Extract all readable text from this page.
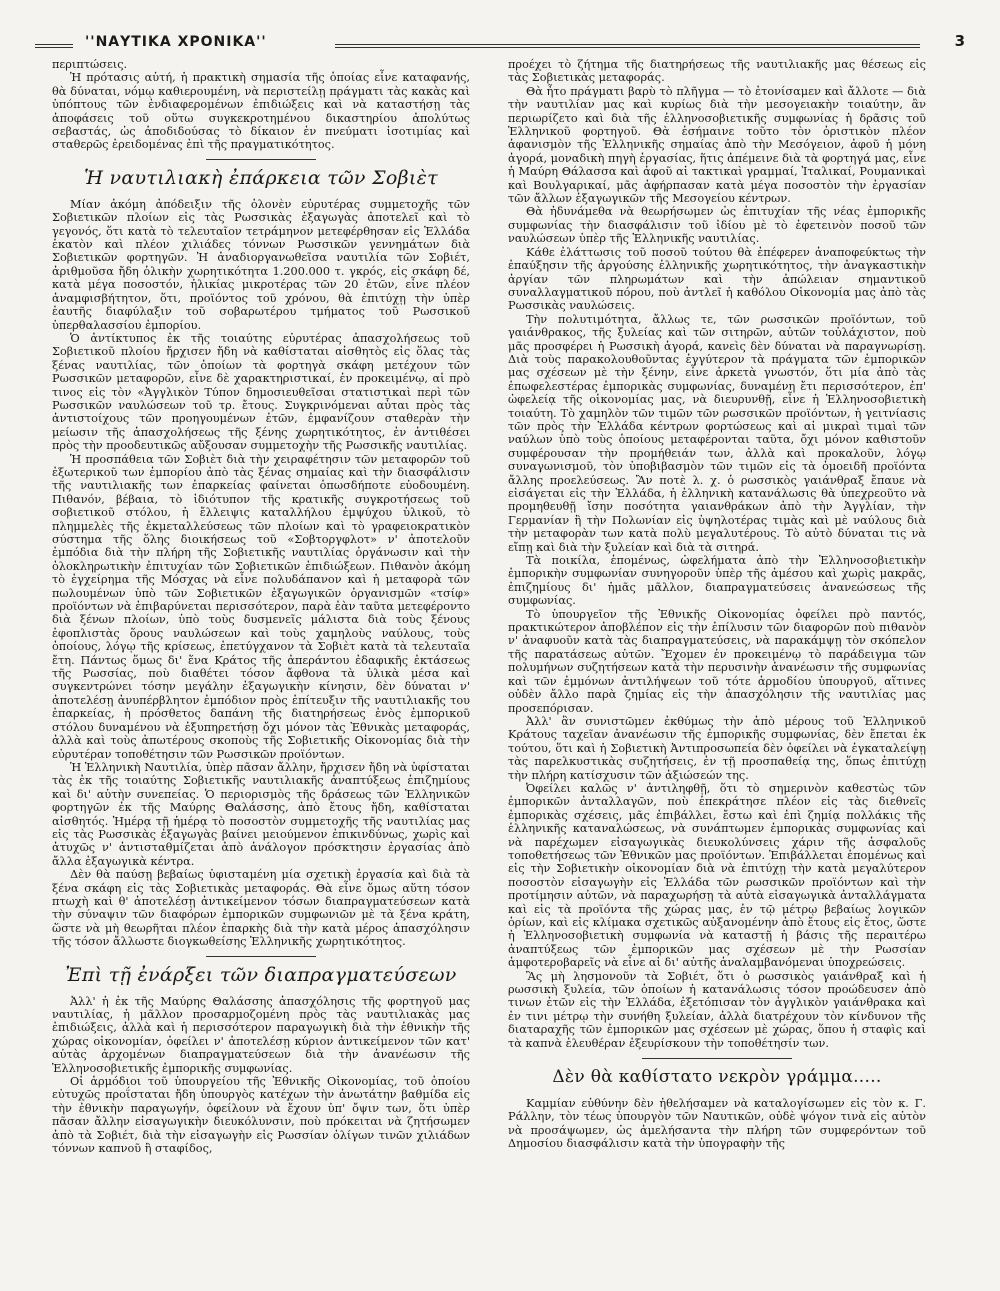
''ΝΑΥΤΙΚΑ ΧΡΟΝΙΚΑ''	3

περιπτώσεις.

Ἡ πρότασις αὐτή, ἡ πρακτικὴ σημασία τῆς ὁποίας εἶνε καταφανής, θὰ δύναται, νόμῳ καθιερουμένη, νὰ περιστείλῃ πράγματι τὰς κακὰς καὶ ὑπόπτους τῶν ἐνδιαφερομένων ἐπιδιώξεις καὶ νὰ καταστήσῃ τὰς ἀποφάσεις τοῦ οὕτω συγκεκροτημένου δικαστηρίου ἀπολύτως σεβαστάς, ὡς ἀποδιδούσας τὸ δίκαιον ἐν πνεύματι ἰσοτιμίας καὶ σταθερῶς ἐρειδομένας ἐπὶ τῆς πραγματικότητος.

Ἡ ναυτιλιακὴ ἐπάρκεια τῶν Σοβιὲτ

Μίαν ἀκόμη ἀπόδειξιν τῆς ὁλονὲν εὐρυτέρας συμμετοχῆς τῶν Σοβιετικῶν πλοίων εἰς τὰς Ρωσσικὰς ἐξαγωγὰς ἀποτελεῖ καὶ τὸ γεγονός, ὅτι κατὰ τὸ τελευταῖον τετράμηνον μετεφέρθησαν εἰς Ἑλλάδα ἑκατὸν καὶ πλέον χιλιάδες τόννων Ρωσσικῶν γεννημάτων διὰ Σοβιετικῶν φορτηγῶν. Ἡ ἀναδιοργανωθεῖσα ναυτιλία τῶν Σοβιέτ, ἀριθμοῦσα ἤδη ὁλικὴν χωρητικότητα 1.200.000 τ. γκρός, εἰς σκάφη δέ, κατὰ μέγα ποσοστόν, ἡλικίας μικροτέρας τῶν 20 ἐτῶν, εἶνε πλέον ἀναμφισβήτητον, ὅτι, προϊόντος τοῦ χρόνου, θὰ ἐπιτύχῃ τὴν ὑπὲρ ἑαυτῆς διαφύλαξιν τοῦ σοβαρωτέρου τμήματος τοῦ Ρωσσικοῦ ὑπερθαλασσίου ἐμπορίου.

Ὁ ἀντίκτυπος ἐκ τῆς τοιαύτης εὐρυτέρας ἀπασχολήσεως τοῦ Σοβιετικοῦ πλοίου ἤρχισεν ἤδη νὰ καθίσταται αἰσθητὸς εἰς ὅλας τὰς ξένας ναυτιλίας, τῶν ὁποίων τὰ φορτηγὰ σκάφη μετέχουν τῶν Ρωσσικῶν μεταφορῶν, εἶνε δὲ χαρακτηριστικαί, ἐν προκειμένῳ, αἱ πρὸ τινος εἰς τὸν «Ἀγγλικὸν Τύπον δημοσιευθεῖσαι στατιστικαὶ περὶ τῶν Ρωσσικῶν ναυλώσεων τοῦ τρ. ἔτους. Συγκρινόμεναι αὗται πρὸς τὰς ἀντιστοίχους τῶν προηγουμένων ἐτῶν, ἐμφανίζουν σταθερὰν τὴν μείωσιν τῆς ἀπασχολήσεως τῆς ξένης χωρητικότητος, ἐν ἀντιθέσει πρὸς τὴν προοδευτικῶς αὔξουσαν συμμετοχὴν τῆς Ρωσσικῆς ναυτιλίας.

Ἡ προσπάθεια τῶν Σοβιὲτ διὰ τὴν χειραφέτησιν τῶν μεταφορῶν τοῦ ἐξωτερικοῦ των ἐμπορίου ἀπὸ τὰς ξένας σημαίας καὶ τὴν διασφάλισιν τῆς ναυτιλιακῆς των ἐπαρκείας φαίνεται ὁπωσδήποτε εὐοδουμένη. Πιθανόν, βέβαια, τὸ ἰδιότυπον τῆς κρατικῆς συγκροτήσεως τοῦ σοβιετικοῦ στόλου, ἡ ἔλλειψις καταλλήλου ἐμψύχου ὑλικοῦ, τὸ πλημμελὲς τῆς ἐκμεταλλεύσεως τῶν πλοίων καὶ τὸ γραφειοκρατικὸν σύστημα τῆς ὅλης διοικήσεως τοῦ «Σοβτοργφλοτ» ν' ἀποτελοῦν ἐμπόδια διὰ τὴν πλήρη τῆς Σοβιετικῆς ναυτιλίας ὀργάνωσιν καὶ τὴν ὁλοκληρωτικὴν ἐπιτυχίαν τῶν Σοβιετικῶν ἐπιδιώξεων. Πιθανὸν ἀκόμη τὸ ἐγχείρημα τῆς Μόσχας νὰ εἶνε πολυδάπανον καὶ ἡ μεταφορὰ τῶν πωλουμένων ὑπὸ τῶν Σοβιετικῶν ἐξαγωγικῶν ὀργανισμῶν «τσίφ» προϊόντων νὰ ἐπιβαρύνεται περισσότερον, παρὰ ἐὰν ταῦτα μετεφέροντο διὰ ξένων πλοίων, ὑπὸ τοὺς δυσμενεῖς μάλιστα διὰ τοὺς ξένους ἐφοπλιστὰς ὅρους ναυλώσεων καὶ τοὺς χαμηλοὺς ναύλους, τοὺς ὁποίους, λόγῳ τῆς κρίσεως, ἐπετύγχανον τὰ Σοβιὲτ κατὰ τὰ τελευταῖα ἔτη. Πάντως ὅμως δι' ἕνα Κράτος τῆς ἀπεράντου ἐδαφικῆς ἐκτάσεως τῆς Ρωσσίας, ποὺ διαθέτει τόσον ἄφθονα τὰ ὑλικὰ μέσα καὶ συγκεντρώνει τόσην μεγάλην ἐξαγωγικὴν κίνησιν, δὲν δύναται ν' ἀποτελέσῃ ἀνυπέρβλητον ἐμπόδιον πρὸς ἐπίτευξιν τῆς ναυτιλιακῆς του ἐπαρκείας, ἡ πρόσθετος δαπάνη τῆς διατηρήσεως ἑνὸς ἐμπορικοῦ στόλου δυναμένου νὰ ἐξυπηρετήσῃ ὄχι μόνον τὰς Ἐθνικὰς μεταφοράς, ἀλλὰ καὶ τοὺς ἀπωτέρους σκοποὺς τῆς Σοβιετικῆς Οἰκονομίας διὰ τὴν εὐρυτέραν τοποθέτησιν τῶν Ρωσσικῶν προϊόντων.

Ἡ Ἑλληνικὴ Ναυτιλία, ὑπὲρ πᾶσαν ἄλλην, ἤρχισεν ἤδη νὰ ὑφίσταται τὰς ἐκ τῆς τοιαύτης Σοβιετικῆς ναυτιλιακῆς ἀναπτύξεως ἐπιζημίους καὶ δι' αὐτὴν συνεπείας. Ὁ περιορισμὸς τῆς δράσεως τῶν Ἑλληνικῶν φορτηγῶν ἐκ τῆς Μαύρης Θαλάσσης, ἀπὸ ἔτους ἤδη, καθίσταται αἰσθητός. Ἡμέρᾳ τῇ ἡμέρᾳ τὸ ποσοστὸν συμμετοχῆς τῆς ναυτιλίας μας εἰς τὰς Ρωσσικὰς ἐξαγωγὰς βαίνει μειούμενον ἐπικινδύνως, χωρὶς καὶ ἀτυχῶς ν' ἀντισταθμίζεται ἀπὸ ἀνάλογον πρόσκτησιν ἐργασίας ἀπὸ ἄλλα ἐξαγωγικὰ κέντρα.

Δὲν θὰ παύσῃ βεβαίως ὑφισταμένη μία σχετικὴ ἐργασία καὶ διὰ τὰ ξένα σκάφη εἰς τὰς Σοβιετικὰς μεταφοράς. Θὰ εἶνε ὅμως αὕτη τόσον πτωχὴ καὶ θ' ἀποτελέσῃ ἀντικείμενον τόσων διαπραγματεύσεων κατὰ τὴν σύναψιν τῶν διαφόρων ἐμπορικῶν συμφωνιῶν μὲ τὰ ξένα κράτη, ὥστε νὰ μὴ θεωρῆται πλέον ἐπαρκὴς διὰ τὴν κατὰ μέρος ἀπασχόλησιν τῆς τόσον ἄλλωστε διογκωθείσης Ἑλληνικῆς χωρητικότητος.

Ἐπὶ τῇ ἐνάρξει τῶν διαπραγματεύσεων

Ἀλλ' ἡ ἐκ τῆς Μαύρης Θαλάσσης ἀπασχόλησις τῆς φορτηγοῦ μας ναυτιλίας, ἡ μᾶλλον προσαρμοζομένη πρὸς τὰς ναυτιλιακὰς μας ἐπιδιώξεις, ἀλλὰ καὶ ἡ περισσότερον παραγωγικὴ διὰ τὴν ἐθνικὴν τῆς χώρας οἰκονομίαν, ὀφείλει ν' ἀποτελέσῃ κύριον ἀντικείμενον τῶν κατ' αὐτὰς ἀρχομένων διαπραγματεύσεων διὰ τὴν ἀνανέωσιν τῆς Ἑλληνοσοβιετικῆς ἐμπορικῆς συμφωνίας.

Οἱ ἁρμόδιοι τοῦ ὑπουργείου τῆς Ἐθνικῆς Οἰκονομίας, τοῦ ὁποίου εὐτυχῶς προΐσταται ἤδη ὑπουργὸς κατέχων τὴν ἀνωτάτην βαθμίδα εἰς τὴν ἐθνικὴν παραγωγήν, ὀφείλουν νὰ ἔχουν ὑπ' ὄψιν των, ὅτι ὑπὲρ πᾶσαν ἄλλην εἰσαγωγικὴν διευκόλυνσιν, ποὺ πρόκειται νὰ ζητήσωμεν ἀπὸ τὰ Σοβιέτ, διὰ τὴν εἰσαγωγὴν εἰς Ρωσσίαν ὀλίγων τινῶν χιλιάδων τόννων καπνοῦ ἢ σταφίδος,

προέχει τὸ ζήτημα τῆς διατηρήσεως τῆς ναυτιλιακῆς μας θέσεως εἰς τὰς Σοβιετικὰς μεταφοράς.

Θὰ ἦτο πράγματι βαρὺ τὸ πλῆγμα — τὸ ἐτονίσαμεν καὶ ἄλλοτε — διὰ τὴν ναυτιλίαν μας καὶ κυρίως διὰ τὴν μεσογειακὴν τοιαύτην, ἂν περιωρίζετο καὶ διὰ τῆς ἑλληνοσοβιετικῆς συμφωνίας ἡ δρᾶσις τοῦ Ἑλληνικοῦ φορτηγοῦ. Θὰ ἐσήμαινε τοῦτο τὸν ὁριστικὸν πλέον ἀφανισμὸν τῆς Ἑλληνικῆς σημαίας ἀπὸ τὴν Μεσόγειον, ἀφοῦ ἡ μόνη ἀγορά, μοναδικὴ πηγὴ ἐργασίας, ἥτις ἀπέμεινε διὰ τὰ φορτηγά μας, εἶνε ἡ Μαύρη Θάλασσα καὶ ἀφοῦ αἱ τακτικαὶ γραμμαί, Ἰταλικαί, Ρουμανικαὶ καὶ Βουλγαρικαί, μᾶς ἀφήρπασαν κατὰ μέγα ποσοστὸν τὴν ἐργασίαν τῶν ἄλλων ἐξαγωγικῶν τῆς Μεσογείου κέντρων.

Θὰ ἠδυνάμεθα νὰ θεωρήσωμεν ὡς ἐπιτυχίαν τῆς νέας ἐμπορικῆς συμφωνίας τὴν διασφάλισιν τοῦ ἰδίου μὲ τὸ ἐφετεινὸν ποσοῦ τῶν ναυλώσεων ὑπὲρ τῆς Ἑλληνικῆς ναυτιλίας.

Κάθε ἐλάττωσις τοῦ ποσοῦ τούτου θὰ ἐπέφερεν ἀναποφεύκτως τὴν ἐπαύξησιν τῆς ἀργούσης ἑλληνικῆς χωρητικότητος, τὴν ἀναγκαστικὴν ἀργίαν τῶν πληρωμάτων καὶ τὴν ἀπώλειαν σημαντικοῦ συναλλαγματικοῦ πόρου, ποὺ ἀντλεῖ ἡ καθόλου Οἰκονομία μας ἀπὸ τὰς Ρωσσικὰς ναυλώσεις.

Τὴν πολυτιμότητα, ἄλλως τε, τῶν ρωσσικῶν προϊόντων, τοῦ γαιάνθρακος, τῆς ξυλείας καὶ τῶν σιτηρῶν, αὐτῶν τοὐλάχιστον, ποὺ μᾶς προσφέρει ἡ Ρωσσικὴ ἀγορά, κανεὶς δὲν δύναται νὰ παραγνωρίσῃ. Διὰ τοὺς παρακολουθοῦντας ἐγγύτερον τὰ πράγματα τῶν ἐμπορικῶν μας σχέσεων μὲ τὴν ξένην, εἶνε ἀρκετὰ γνωστόν, ὅτι μία ἀπὸ τὰς ἐπωφελεστέρας ἐμπορικὰς συμφωνίας, δυναμένη ἔτι περισσότερον, ἐπ' ὠφελείᾳ τῆς οἰκονομίας μας, νὰ διευρυνθῇ, εἶνε ἡ Ἑλληνοσοβιετικὴ τοιαύτη. Τὸ χαμηλὸν τῶν τιμῶν τῶν ρωσσικῶν προϊόντων, ἡ γειτνίασις τῶν πρὸς τὴν Ἑλλάδα κέντρων φορτώσεως καὶ αἱ μικραὶ τιμαὶ τῶν ναύλων ὑπὸ τοὺς ὁποίους μεταφέρονται ταῦτα, ὄχι μόνον καθιστοῦν συμφέρουσαν τὴν προμήθειάν των, ἀλλὰ καὶ προκαλοῦν, λόγῳ συναγωνισμοῦ, τὸν ὑποβιβασμὸν τῶν τιμῶν εἰς τὰ ὁμοειδῆ προϊόντα ἄλλης προελεύσεως. Ἂν ποτὲ λ. χ. ὁ ρωσσικὸς γαιάνθραξ ἔπαυε νὰ εἰσάγεται εἰς τὴν Ἑλλάδα, ἡ ἑλληνικὴ κατανάλωσις θὰ ὑπεχρεοῦτο νὰ προμηθευθῇ ἴσην ποσότητα γαιανθράκων ἀπὸ τὴν Ἀγγλίαν, τὴν Γερμανίαν ἢ τὴν Πολωνίαν εἰς ὑψηλοτέρας τιμὰς καὶ μὲ ναύλους διὰ τὴν μεταφορὰν των κατὰ πολὺ μεγαλυτέρους. Τὸ αὐτὸ δύναται τις νὰ εἴπῃ καὶ διὰ τὴν ξυλείαν καὶ διὰ τὰ σιτηρά.

Τὰ ποικίλα, ἑπομένως, ὠφελήματα ἀπὸ τὴν Ἑλληνοσοβιετικὴν ἐμπορικὴν συμφωνίαν συνηγοροῦν ὑπὲρ τῆς ἀμέσου καὶ χωρὶς μακρᾶς, ἐπιζημίους δι' ἡμᾶς μᾶλλον, διαπραγματεύσεις ἀνανεώσεως τῆς συμφωνίας.

Τὸ ὑπουργεῖον τῆς Ἐθνικῆς Οἰκονομίας ὀφείλει πρὸ παντός, πρακτικώτερον ἀποβλέπον εἰς τὴν ἐπίλυσιν τῶν διαφορῶν ποὺ πιθανὸν ν' ἀναφυοῦν κατὰ τὰς διαπραγματεύσεις, νὰ παρακάμψῃ τὸν σκόπελον τῆς παρατάσεως αὐτῶν. Ἔχομεν ἐν προκειμένῳ τὸ παράδειγμα τῶν πολυμήνων συζητήσεων κατὰ τὴν περυσινὴν ἀνανέωσιν τῆς συμφωνίας καὶ τῶν ἐμμόνων ἀντιλήψεων τοῦ τότε ἁρμοδίου ὑπουργοῦ, αἵτινες οὐδὲν ἄλλο παρὰ ζημίας εἰς τὴν ἀπασχόλησιν τῆς ναυτιλίας μας προσεπόρισαν.

Ἀλλ' ἂν συνιστῶμεν ἐκθύμως τὴν ἀπὸ μέρους τοῦ Ἑλληνικοῦ Κράτους ταχεῖαν ἀνανέωσιν τῆς ἐμπορικῆς συμφωνίας, δὲν ἔπεται ἐκ τούτου, ὅτι καὶ ἡ Σοβιετικὴ Ἀντιπροσωπεία δὲν ὀφείλει νὰ ἐγκαταλείψῃ τὰς παρελκυστικὰς συζητήσεις, ἐν τῇ προσπαθείᾳ της, ὅπως ἐπιτύχῃ τὴν πλήρη κατίσχυσιν τῶν ἀξιώσεών της.

Ὀφείλει καλῶς ν' ἀντιληφθῇ, ὅτι τὸ σημερινὸν καθεστὼς τῶν ἐμπορικῶν ἀνταλλαγῶν, ποὺ ἐπεκράτησε πλέον εἰς τὰς διεθνεῖς ἐμπορικὰς σχέσεις, μᾶς ἐπιβάλλει, ἔστω καὶ ἐπὶ ζημίᾳ πολλάκις τῆς ἑλληνικῆς καταναλώσεως, νὰ συνάπτωμεν ἐμπορικὰς συμφωνίας καὶ νὰ παρέχωμεν εἰσαγωγικὰς διευκολύνσεις χάριν τῆς ἀσφαλοῦς τοποθετήσεως τῶν Ἐθνικῶν μας προϊόντων. Ἐπιβάλλεται ἑπομένως καὶ εἰς τὴν Σοβιετικὴν οἰκονομίαν διὰ νὰ ἐπιτύχῃ τὴν κατὰ μεγαλύτερον ποσοστὸν εἰσαγωγὴν εἰς Ἑλλάδα τῶν ρωσσικῶν προϊόντων καὶ τὴν προτίμησιν αὐτῶν, νὰ παραχωρήσῃ τὰ αὐτὰ εἰσαγωγικὰ ἀνταλλάγματα καὶ εἰς τὰ προϊόντα τῆς χώρας μας, ἐν τῷ μέτρῳ βεβαίως λογικῶν ὁρίων, καὶ εἰς κλίμακα σχετικῶς αὐξανομένην ἀπὸ ἔτους εἰς ἔτος, ὥστε ἡ Ἑλληνοσοβιετικὴ συμφωνία νὰ καταστῇ ἡ βάσις τῆς περαιτέρω ἀναπτύξεως τῶν ἐμπορικῶν μας σχέσεων μὲ τὴν Ρωσσίαν ἀμφοτεροβαρεῖς νὰ εἶνε αἱ δι' αὐτῆς ἀναλαμβανόμεναι ὑποχρεώσεις.

Ἂς μὴ λησμονοῦν τὰ Σοβιέτ, ὅτι ὁ ρωσσικὸς γαιάνθραξ καὶ ἡ ρωσσικὴ ξυλεία, τῶν ὁποίων ἡ κατανάλωσις τόσον προώδευσεν ἀπὸ τινων ἐτῶν εἰς τὴν Ἑλλάδα, ἐξετόπισαν τὸν ἀγγλικὸν γαιάνθρακα καὶ ἐν τινι μέτρῳ τὴν συνήθη ξυλείαν, ἀλλὰ διατρέχουν τὸν κίνδυνον τῆς διαταραχῆς τῶν ἐμπορικῶν μας σχέσεων μὲ χώρας, ὅπου ἡ σταφὶς καὶ τὰ καπνὰ ἐλευθέραν ἐξευρίσκουν τὴν τοποθέτησίν των.

Δὲν θὰ καθίστατο νεκρὸν γράμμα.....

Καμμίαν εὐθύνην δὲν ἠθελήσαμεν νὰ καταλογίσωμεν εἰς τὸν κ. Γ. Ράλλην, τὸν τέως ὑπουργὸν τῶν Ναυτικῶν, οὐδὲ ψόγον τινὰ εἰς αὐτὸν νὰ προσάψωμεν, ὡς ἀμελήσαντα τὴν πλήρη τῶν συμφερόντων τοῦ Δημοσίου διασφάλισιν κατὰ τὴν ὑπογραφὴν τῆς
